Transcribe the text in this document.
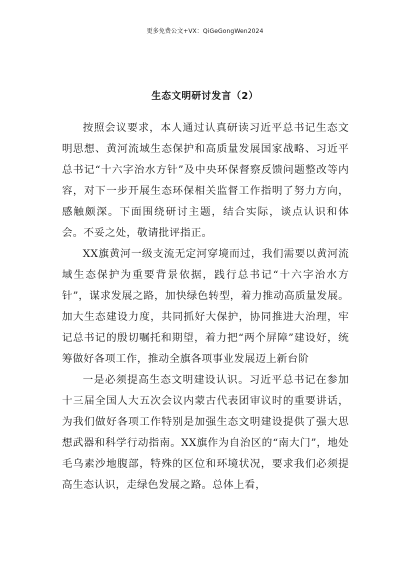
更多免费公文+VX：QiGeGongWen2024
生态文明研讨发言（2）

按照会议要求，本人通过认真研读习近平总书记生态文明思想、黄河流域生态保护和高质量发展国家战略、习近平总书记“十六字治水方针”及中央环保督察反馈问题整改等内容，对下一步开展生态环保相关监督工作指明了努力方向，感触颇深。下面围绕研讨主题，结合实际，谈点认识和体会。不妥之处，敬请批评指正。

XX旗黄河一级支流无定河穿境而过，我们需要以黄河流域生态保护为重要背景依据，践行总书记“十六字治水方针”，谋求发展之路，加快绿色转型，着力推动高质量发展。加大生态建设力度，共同抓好大保护，协同推进大治理，牢记总书记的殷切嘱托和期望，着力把“两个屏障”建设好，统筹做好各项工作，推动全旗各项事业发展迈上新台阶

一是必须提高生态文明建设认识。习近平总书记在参加十三届全国人大五次会议内蒙古代表团审议时的重要讲话，为我们做好各项工作特别是加强生态文明建设提供了强大思想武器和科学行动指南。XX旗作为自治区的“南大门”，地处毛乌素沙地腹部，特殊的区位和环境状况，要求我们必须提高生态认识，走绿色发展之路。总体上看，
